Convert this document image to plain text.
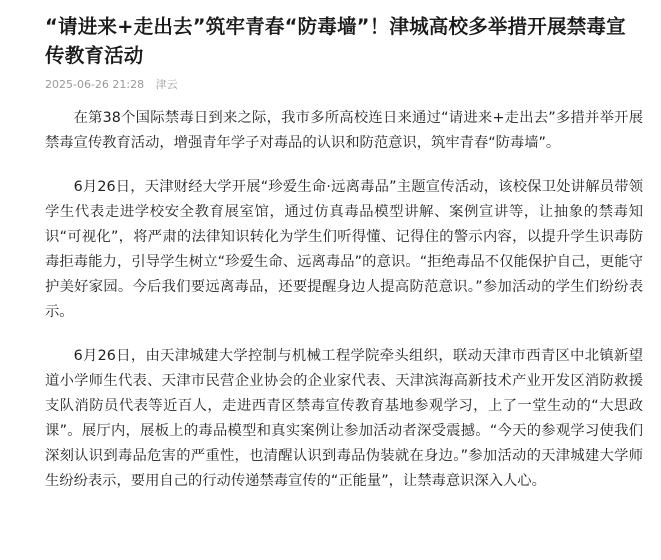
“请进来+走出去”筑牢青春“防毒墙”！津城高校多举措开展禁毒宣传教育活动
2025-06-26 21:28 津云

在第38个国际禁毒日到来之际，我市多所高校连日来通过“请进来+走出去”多措并举开展禁毒宣传教育活动，增强青年学子对毒品的认识和防范意识，筑牢青春“防毒墙”。

6月26日，天津财经大学开展“珍爱生命·远离毒品”主题宣传活动，该校保卫处讲解员带领学生代表走进学校安全教育展室馆，通过仿真毒品模型讲解、案例宣讲等，让抽象的禁毒知识“可视化”，将严肃的法律知识转化为学生们听得懂、记得住的警示内容，以提升学生识毒防毒拒毒能力，引导学生树立“珍爱生命、远离毒品”的意识。“拒绝毒品不仅能保护自己，更能守护美好家园。今后我们要远离毒品，还要提醒身边人提高防范意识。”参加活动的学生们纷纷表示。

6月26日，由天津城建大学控制与机械工程学院牵头组织，联动天津市西青区中北镇新望道小学师生代表、天津市民营企业协会的企业家代表、天津滨海高新技术产业开发区消防救援支队消防员代表等近百人，走进西青区禁毒宣传教育基地参观学习，上了一堂生动的“大思政课”。展厅内，展板上的毒品模型和真实案例让参加活动者深受震撼。“今天的参观学习使我们深刻认识到毒品危害的严重性，也清醒认识到毒品伪装就在身边。”参加活动的天津城建大学师生纷纷表示，要用自己的行动传递禁毒宣传的“正能量”，让禁毒意识深入人心。
